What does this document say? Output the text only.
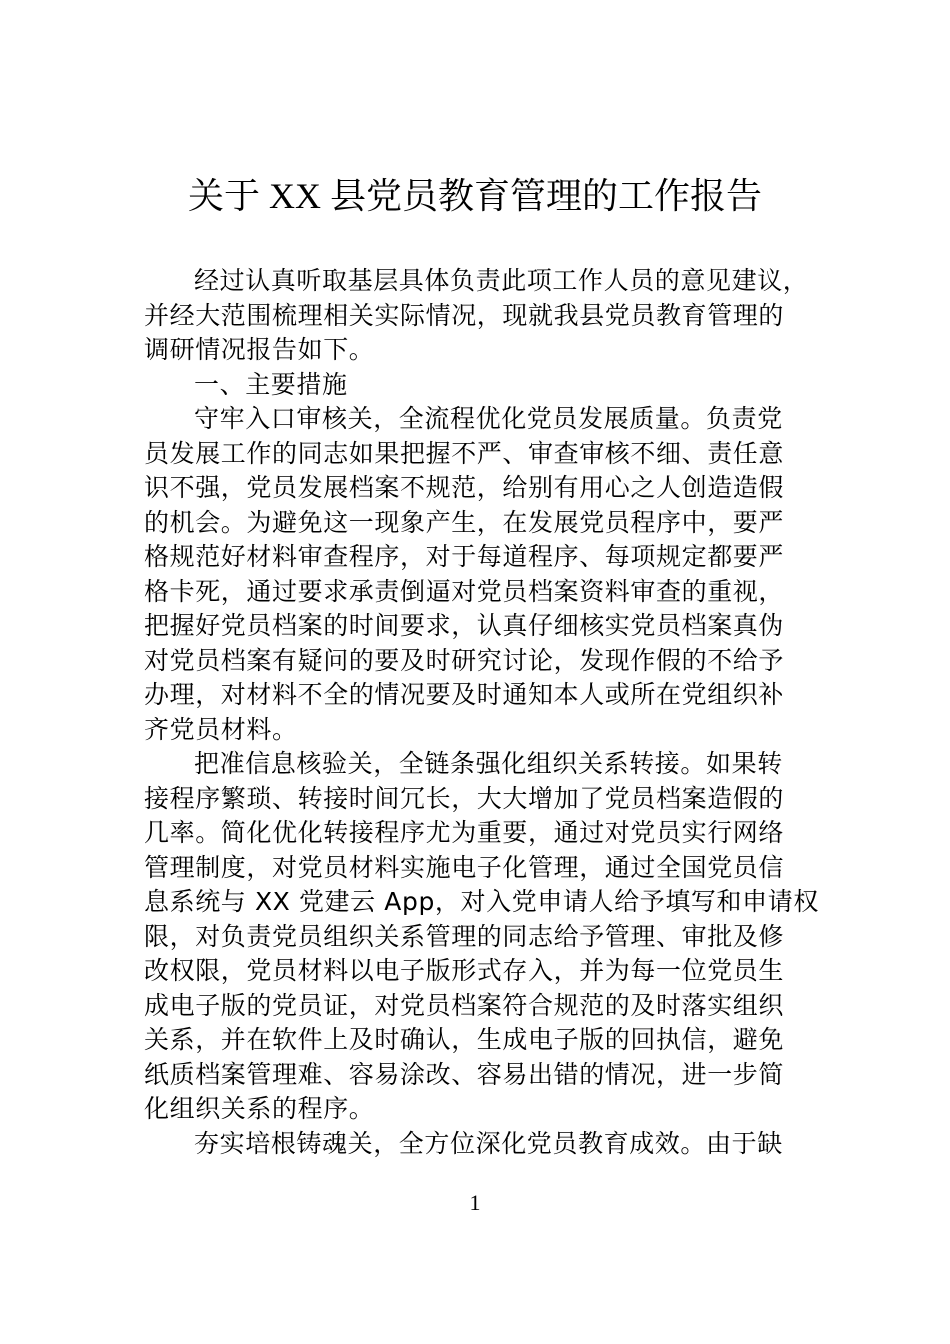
关于 XX 县党员教育管理的工作报告
经过认真听取基层具体负责此项工作人员的意见建议，
并经大范围梳理相关实际情况，现就我县党员教育管理的
调研情况报告如下。
一、主要措施
守牢入口审核关，全流程优化党员发展质量。负责党
员发展工作的同志如果把握不严、审查审核不细、责任意
识不强，党员发展档案不规范，给别有用心之人创造造假
的机会。为避免这一现象产生，在发展党员程序中，要严
格规范好材料审查程序，对于每道程序、每项规定都要严
格卡死，通过要求承责倒逼对党员档案资料审查的重视，
把握好党员档案的时间要求，认真仔细核实党员档案真伪
对党员档案有疑问的要及时研究讨论，发现作假的不给予
办理，对材料不全的情况要及时通知本人或所在党组织补
齐党员材料。
把准信息核验关，全链条强化组织关系转接。如果转
接程序繁琐、转接时间冗长，大大增加了党员档案造假的
几率。简化优化转接程序尤为重要，通过对党员实行网络
管理制度，对党员材料实施电子化管理，通过全国党员信
息系统与 XX 党建云 App，对入党申请人给予填写和申请权
限，对负责党员组织关系管理的同志给予管理、审批及修
改权限，党员材料以电子版形式存入，并为每一位党员生
成电子版的党员证，对党员档案符合规范的及时落实组织
关系，并在软件上及时确认，生成电子版的回执信，避免
纸质档案管理难、容易涂改、容易出错的情况，进一步简
化组织关系的程序。
夯实培根铸魂关，全方位深化党员教育成效。由于缺
1
